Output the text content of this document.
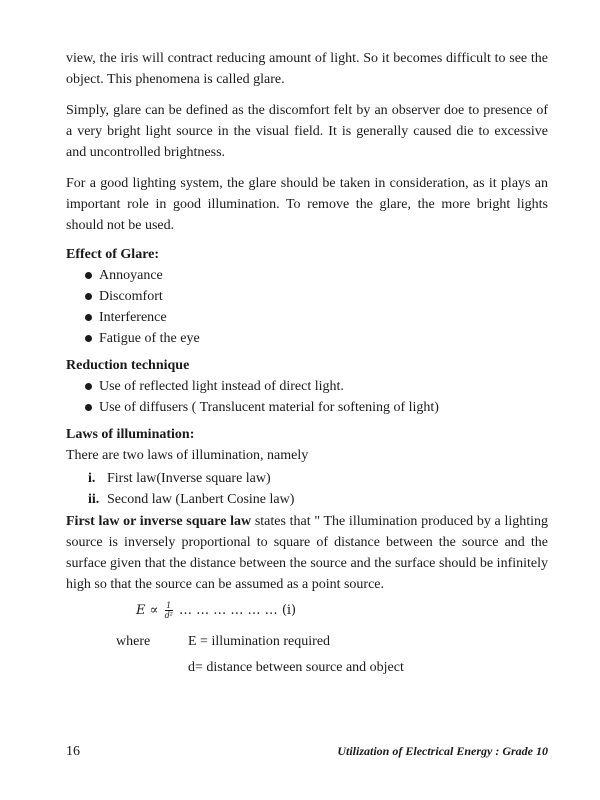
view, the iris will contract reducing amount of light. So it becomes difficult to see the object. This phenomena is called glare.

Simply, glare can be defined as the discomfort felt by an observer doe to presence of a very bright light source in the visual field. It is generally caused die to excessive and uncontrolled brightness.

For a good lighting system, the glare should be taken in consideration, as it plays an important role in good illumination. To remove the glare, the more bright lights should not be used.

Effect of Glare:
Annoyance
Discomfort
Interference
Fatigue of the eye
Reduction technique
Use of reflected light instead of direct light.
Use of diffusers ( Translucent material for softening of light)
Laws of illumination:

There are two laws of illumination, namely

i. First law(Inverse square law)
ii. Second law (Lanbert Cosine law)

First law or inverse square law states that " The illumination produced by a lighting source is inversely proportional to square of distance between the source and the surface given that the distance between the source and the surface should be infinitely high so that the source can be assumed as a point source.

$E \propto \frac{1}{\text{d²}}$ … … … … … … (i)
where	E = illumination required
d= distance between source and object
16	Utilization of Electrical Energy : Grade 10
